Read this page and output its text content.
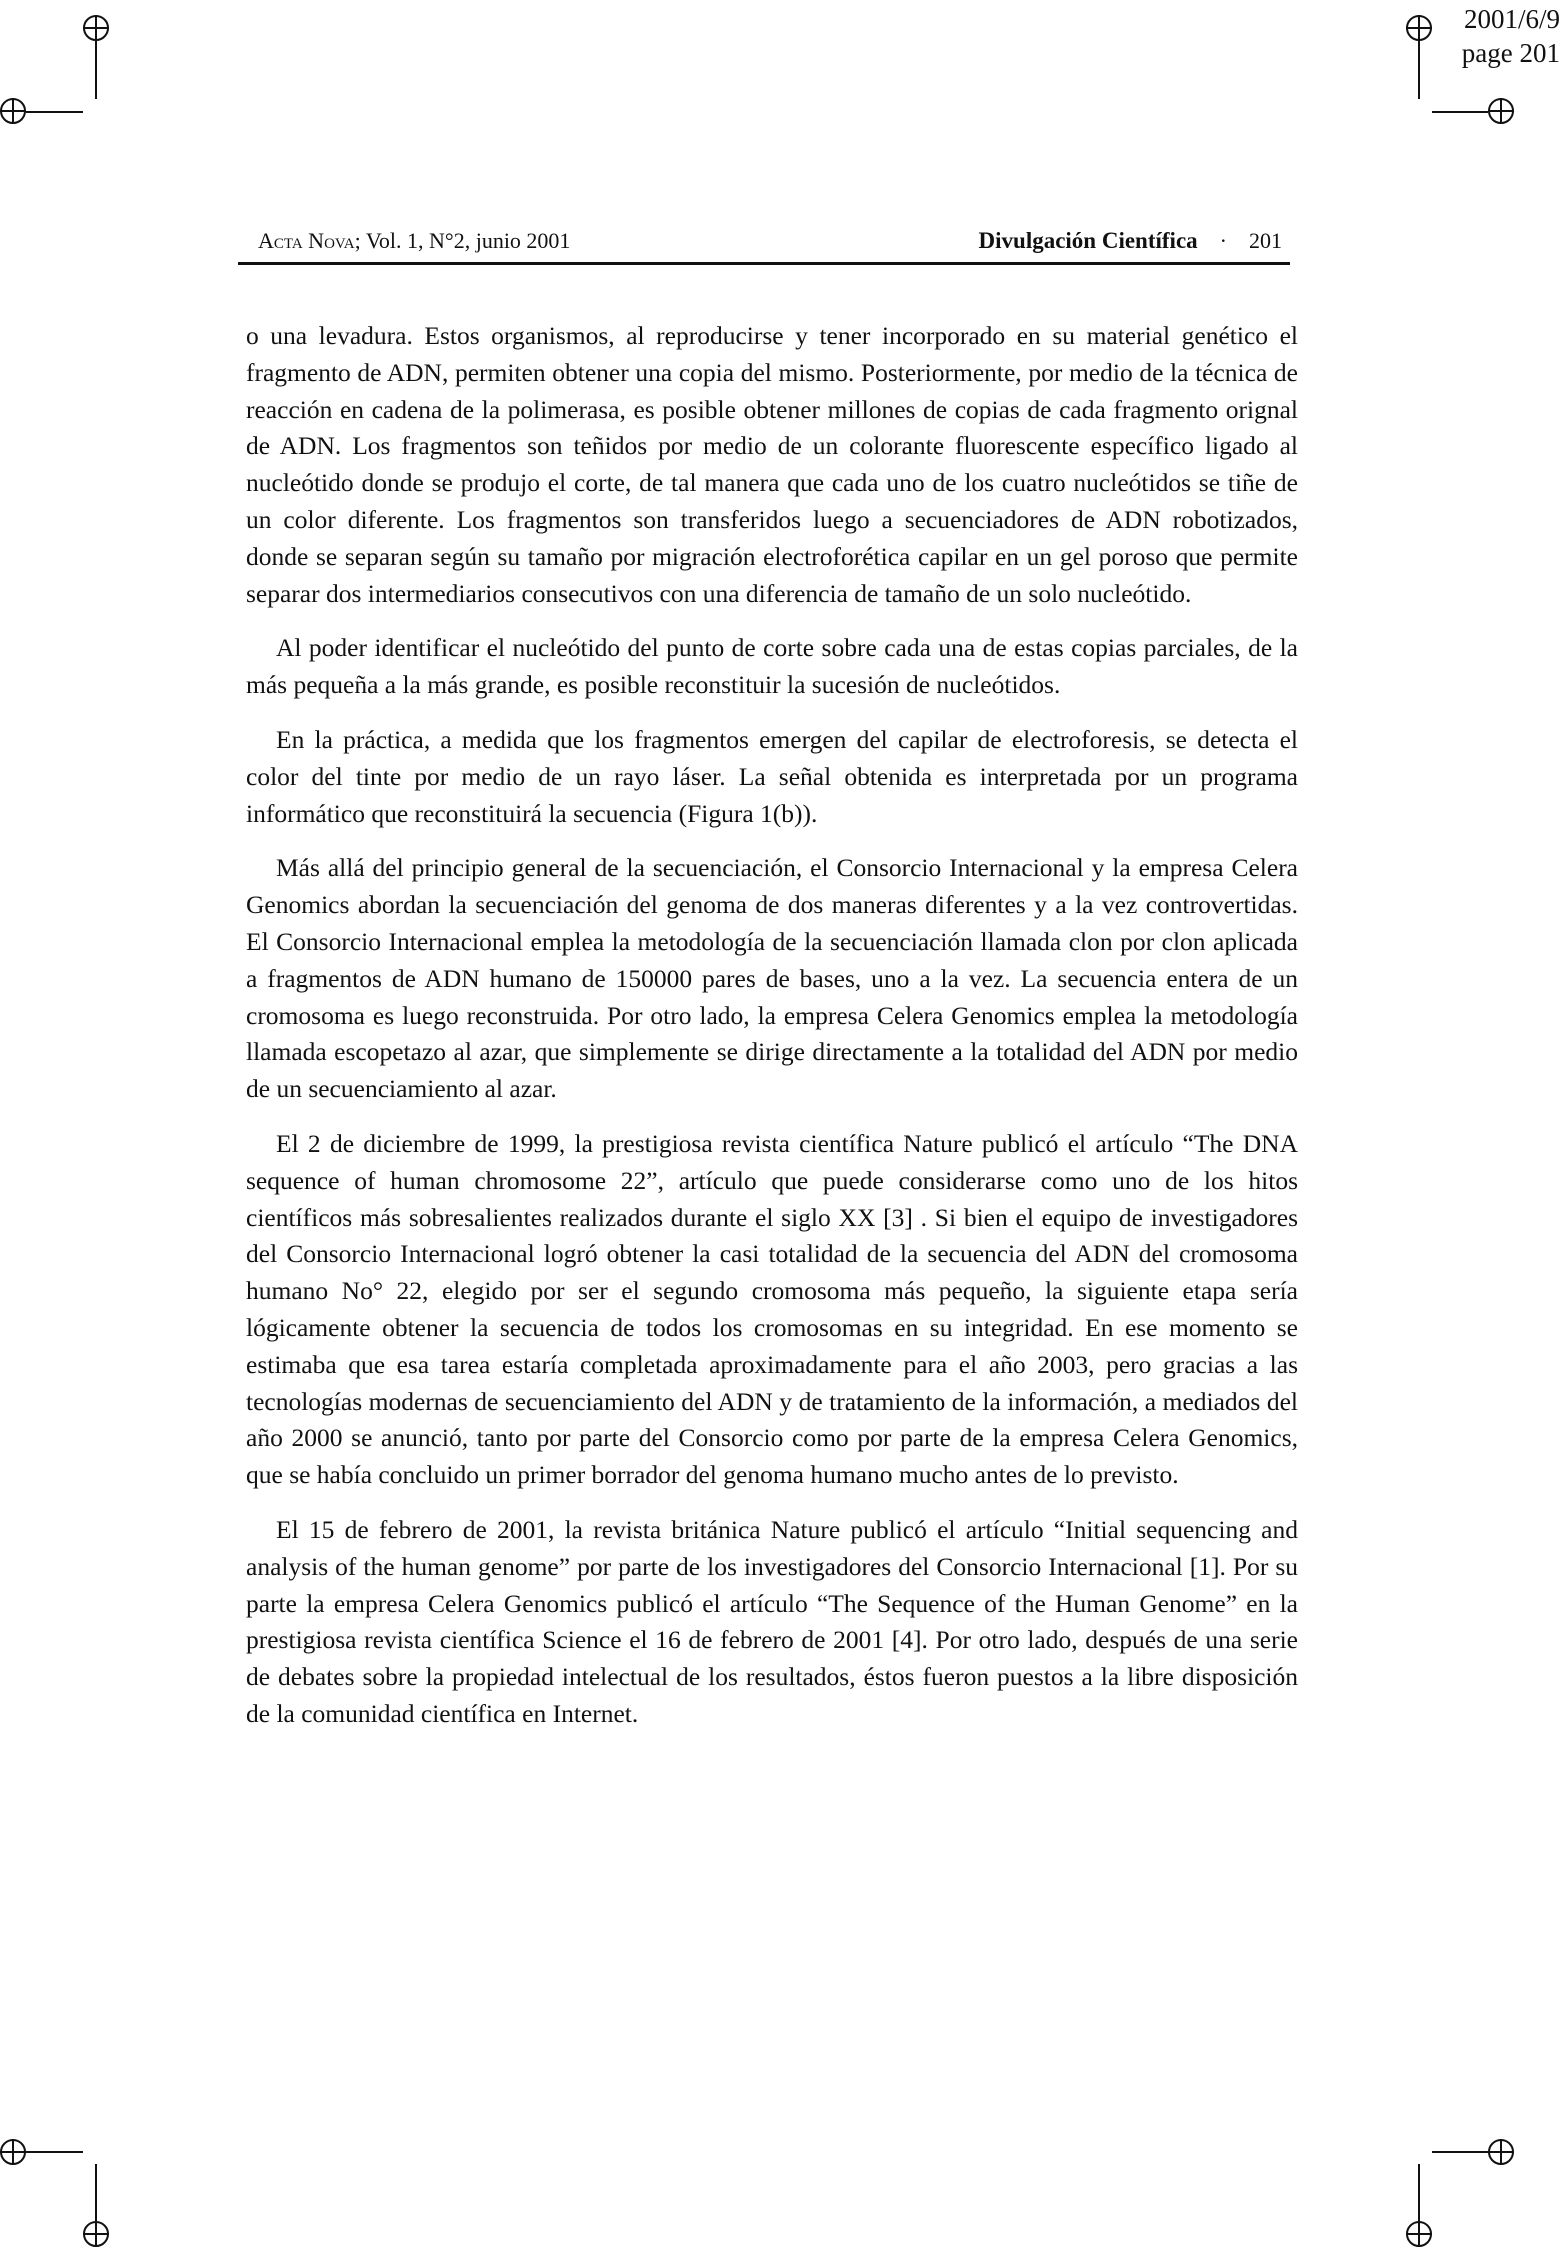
2001/6/9
page 201
Acta Nova; Vol. 1, N°2, junio 2001	Divulgación Científica · 201

o una levadura. Estos organismos, al reproducirse y tener incorporado en su material genético el fragmento de ADN, permiten obtener una copia del mismo. Posteriormente, por medio de la técnica de reacción en cadena de la polimerasa, es posible obtener millones de copias de cada fragmento orignal de ADN. Los fragmentos son teñidos por medio de un colorante fluorescente específico ligado al nucleótido donde se produjo el corte, de tal manera que cada uno de los cuatro nucleótidos se tiñe de un color diferente. Los fragmentos son transferidos luego a secuenciadores de ADN robotizados, donde se separan según su tamaño por migración electroforética capilar en un gel poroso que permite separar dos intermediarios consecutivos con una diferencia de tamaño de un solo nucleótido.

Al poder identificar el nucleótido del punto de corte sobre cada una de estas copias parciales, de la más pequeña a la más grande, es posible reconstituir la sucesión de nucleótidos.

En la práctica, a medida que los fragmentos emergen del capilar de electroforesis, se detecta el color del tinte por medio de un rayo láser. La señal obtenida es interpretada por un programa informático que reconstituirá la secuencia (Figura 1(b)).

Más allá del principio general de la secuenciación, el Consorcio Internacional y la empresa Celera Genomics abordan la secuenciación del genoma de dos maneras diferentes y a la vez controvertidas. El Consorcio Internacional emplea la metodología de la secuenciación llamada clon por clon aplicada a fragmentos de ADN humano de 150000 pares de bases, uno a la vez. La secuencia entera de un cromosoma es luego reconstruida. Por otro lado, la empresa Celera Genomics emplea la metodología llamada escopetazo al azar, que simplemente se dirige directamente a la totalidad del ADN por medio de un secuenciamiento al azar.

El 2 de diciembre de 1999, la prestigiosa revista científica Nature publicó el artículo “The DNA sequence of human chromosome 22”, artículo que puede considerarse como uno de los hitos científicos más sobresalientes realizados durante el siglo XX [3] . Si bien el equipo de investigadores del Consorcio Internacional logró obtener la casi totalidad de la secuencia del ADN del cromosoma humano No° 22, elegido por ser el segundo cromosoma más pequeño, la siguiente etapa sería lógicamente obtener la secuencia de todos los cromosomas en su integridad. En ese momento se estimaba que esa tarea estaría completada aproximadamente para el año 2003, pero gracias a las tecnologías modernas de secuenciamiento del ADN y de tratamiento de la información, a mediados del año 2000 se anunció, tanto por parte del Consorcio como por parte de la empresa Celera Genomics, que se había concluido un primer borrador del genoma humano mucho antes de lo previsto.

El 15 de febrero de 2001, la revista británica Nature publicó el artículo “Initial sequencing and analysis of the human genome” por parte de los investigadores del Consorcio Internacional [1]. Por su parte la empresa Celera Genomics publicó el artículo “The Sequence of the Human Genome” en la prestigiosa revista científica Science el 16 de febrero de 2001 [4]. Por otro lado, después de una serie de debates sobre la propiedad intelectual de los resultados, éstos fueron puestos a la libre disposición de la comunidad científica en Internet.
